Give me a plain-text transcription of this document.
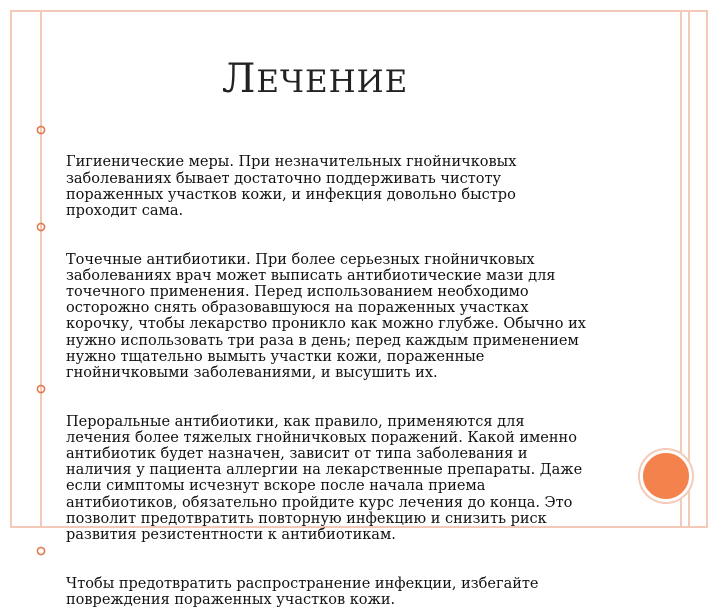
ЛЕЧЕНИЕ

Гигиенические меры. При незначительных гнойничковых
заболеваниях бывает достаточно поддерживать чистоту
пораженных участков кожи, и инфекция довольно быстро
проходит сама.

Точечные антибиотики. При более серьезных гнойничковых
заболеваниях врач может выписать антибиотические мази для
точечного применения. Перед использованием необходимо
осторожно снять образовавшуюся на пораженных участках
корочку, чтобы лекарство проникло как можно глубже. Обычно их
нужно использовать три раза в день; перед каждым применением
нужно тщательно вымыть участки кожи, пораженные
гнойничковыми заболеваниями, и высушить их.

Пероральные антибиотики, как правило, применяются для
лечения более тяжелых гнойничковых поражений. Какой именно
антибиотик будет назначен, зависит от типа заболевания и
наличия у пациента аллергии на лекарственные препараты. Даже
если симптомы исчезнут вскоре после начала приема
антибиотиков, обязательно пройдите курс лечения до конца. Это
позволит предотвратить повторную инфекцию и снизить риск
развития резистентности к антибиотикам.

Чтобы предотвратить распространение инфекции, избегайте
повреждения пораженных участков кожи.
